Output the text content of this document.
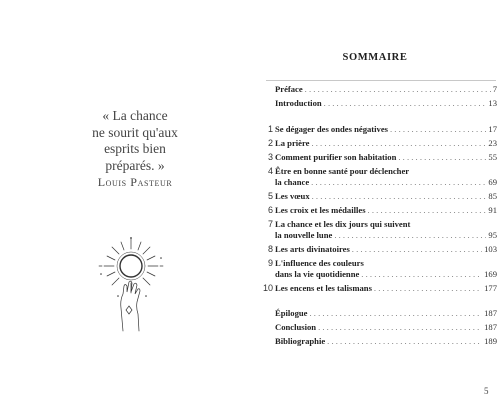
« La chance
ne sourit qu'aux esprits bien
préparés. »
Louis Pasteur
SOMMAIRE
Préface . . .	7
Introduction . . .	13
1 Se dégager des ondes négatives . . .	17
2 La prière . . .	23
3 Comment purifier son habitation . . .	55
4 Être en bonne santé pour déclencher
la chance . . .	69
5 Les vœux . . .	85
6 Les croix et les médailles . . .	91
7 La chance et les dix jours qui suivent
la nouvelle lune . . .	95
8 Les arts divinatoires . . .	103
9 L'influence des couleurs
dans la vie quotidienne . . .	169
10 Les encens et les talismans . . .	177
Épilogue . . .	187
Conclusion . . .	187
Bibliographie . . .	189
5
